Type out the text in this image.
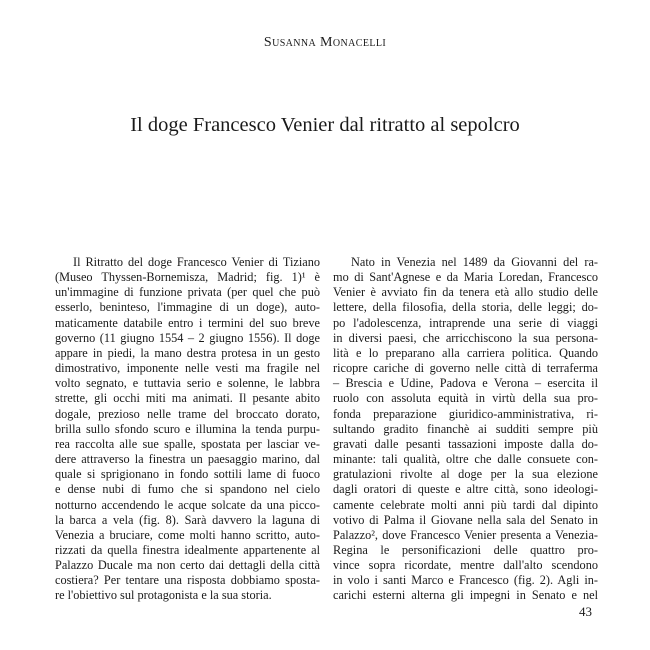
Susanna Monacelli
Il doge Francesco Venier dal ritratto al sepolcro
Il Ritratto del doge Francesco Venier di Tiziano
(Museo Thyssen-Bornemisza, Madrid; fig. 1)¹ è
un'immagine di funzione privata (per quel che può
esserlo, beninteso, l'immagine di un doge), auto-
maticamente databile entro i termini del suo breve
governo (11 giugno 1554 – 2 giugno 1556). Il doge
appare in piedi, la mano destra protesa in un gesto
dimostrativo, imponente nelle vesti ma fragile nel
volto segnato, e tuttavia serio e solenne, le labbra
strette, gli occhi miti ma animati. Il pesante abito
dogale, prezioso nelle trame del broccato dorato,
brilla sullo sfondo scuro e illumina la tenda purpu-
rea raccolta alle sue spalle, spostata per lasciar ve-
dere attraverso la finestra un paesaggio marino, dal
quale si sprigionano in fondo sottili lame di fuoco
e dense nubi di fumo che si spandono nel cielo
notturno accendendo le acque solcate da una picco-
la barca a vela (fig. 8). Sarà davvero la laguna di
Venezia a bruciare, come molti hanno scritto, auto-
rizzati da quella finestra idealmente appartenente al
Palazzo Ducale ma non certo dai dettagli della città
costiera? Per tentare una risposta dobbiamo sposta-
re l'obiettivo sul protagonista e la sua storia.
Nato in Venezia nel 1489 da Giovanni del ra-
mo di Sant'Agnese e da Maria Loredan, Francesco
Venier è avviato fin da tenera età allo studio delle
lettere, della filosofia, della storia, delle leggi; do-
po l'adolescenza, intraprende una serie di viaggi
in diversi paesi, che arricchiscono la sua persona-
lità e lo preparano alla carriera politica. Quando
ricopre cariche di governo nelle città di terraferma
– Brescia e Udine, Padova e Verona – esercita il
ruolo con assoluta equità in virtù della sua pro-
fonda preparazione giuridico-amministrativa, ri-
sultando gradito financhè ai sudditi sempre più
gravati dalle pesanti tassazioni imposte dalla do-
minante: tali qualità, oltre che dalle consuete con-
gratulazioni rivolte al doge per la sua elezione
dagli oratori di queste e altre città, sono ideologi-
camente celebrate molti anni più tardi dal dipinto
votivo di Palma il Giovane nella sala del Senato in
Palazzo², dove Francesco Venier presenta a Venezia-
Regina le personificazioni delle quattro pro-
vince sopra ricordate, mentre dall'alto scendono
in volo i santi Marco e Francesco (fig. 2). Agli in-
carichi esterni alterna gli impegni in Senato e nel
43
